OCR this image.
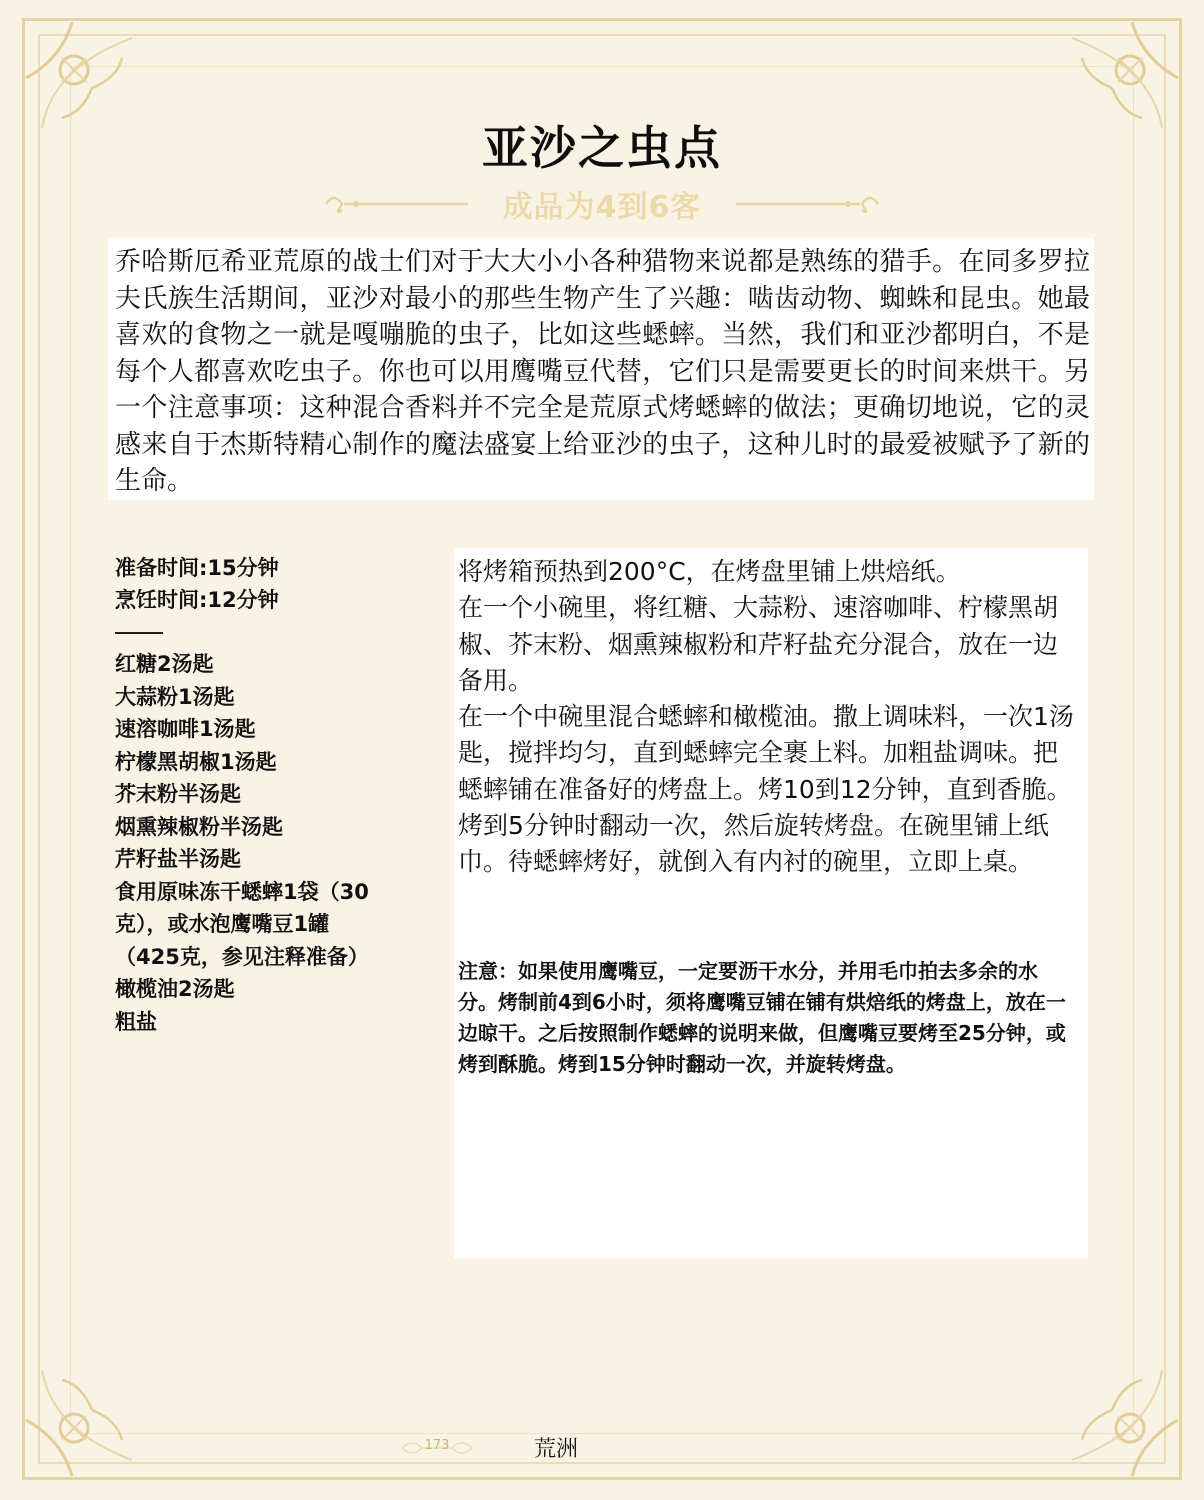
亚沙之虫点
成品为4到6客
乔哈斯厄希亚荒原的战士们对于大大小小各种猎物来说都是熟练的猎手。在同多罗拉夫氏族生活期间，亚沙对最小的那些生物产生了兴趣：啮齿动物、蜘蛛和昆虫。她最喜欢的食物之一就是嘎嘣脆的虫子，比如这些蟋蟀。当然，我们和亚沙都明白，不是每个人都喜欢吃虫子。你也可以用鹰嘴豆代替，它们只是需要更长的时间来烘干。另一个注意事项：这种混合香料并不完全是荒原式烤蟋蟀的做法；更确切地说，它的灵感来自于杰斯特精心制作的魔法盛宴上给亚沙的虫子，这种儿时的最爱被赋予了新的生命。
准备时间:15分钟
烹饪时间:12分钟
红糖2汤匙
大蒜粉1汤匙
速溶咖啡1汤匙
柠檬黑胡椒1汤匙
芥末粉半汤匙
烟熏辣椒粉半汤匙
芹籽盐半汤匙
食用原味冻干蟋蟀1袋（30克），或水泡鹰嘴豆1罐（425克，参见注释准备）
橄榄油2汤匙
粗盐

将烤箱预热到200°C，在烤盘里铺上烘焙纸。

在一个小碗里，将红糖、大蒜粉、速溶咖啡、柠檬黑胡椒、芥末粉、烟熏辣椒粉和芹籽盐充分混合，放在一边备用。

在一个中碗里混合蟋蟀和橄榄油。撒上调味料，一次1汤匙，搅拌均匀，直到蟋蟀完全裹上料。加粗盐调味。把蟋蟀铺在准备好的烤盘上。烤10到12分钟，直到香脆。烤到5分钟时翻动一次，然后旋转烤盘。在碗里铺上纸巾。待蟋蟀烤好，就倒入有内衬的碗里，立即上桌。

注意：如果使用鹰嘴豆，一定要沥干水分，并用毛巾拍去多余的水分。烤制前4到6小时，须将鹰嘴豆铺在铺有烘焙纸的烤盘上，放在一边晾干。之后按照制作蟋蟀的说明来做，但鹰嘴豆要烤至25分钟，或烤到酥脆。烤到15分钟时翻动一次，并旋转烤盘。
173	荒洲
